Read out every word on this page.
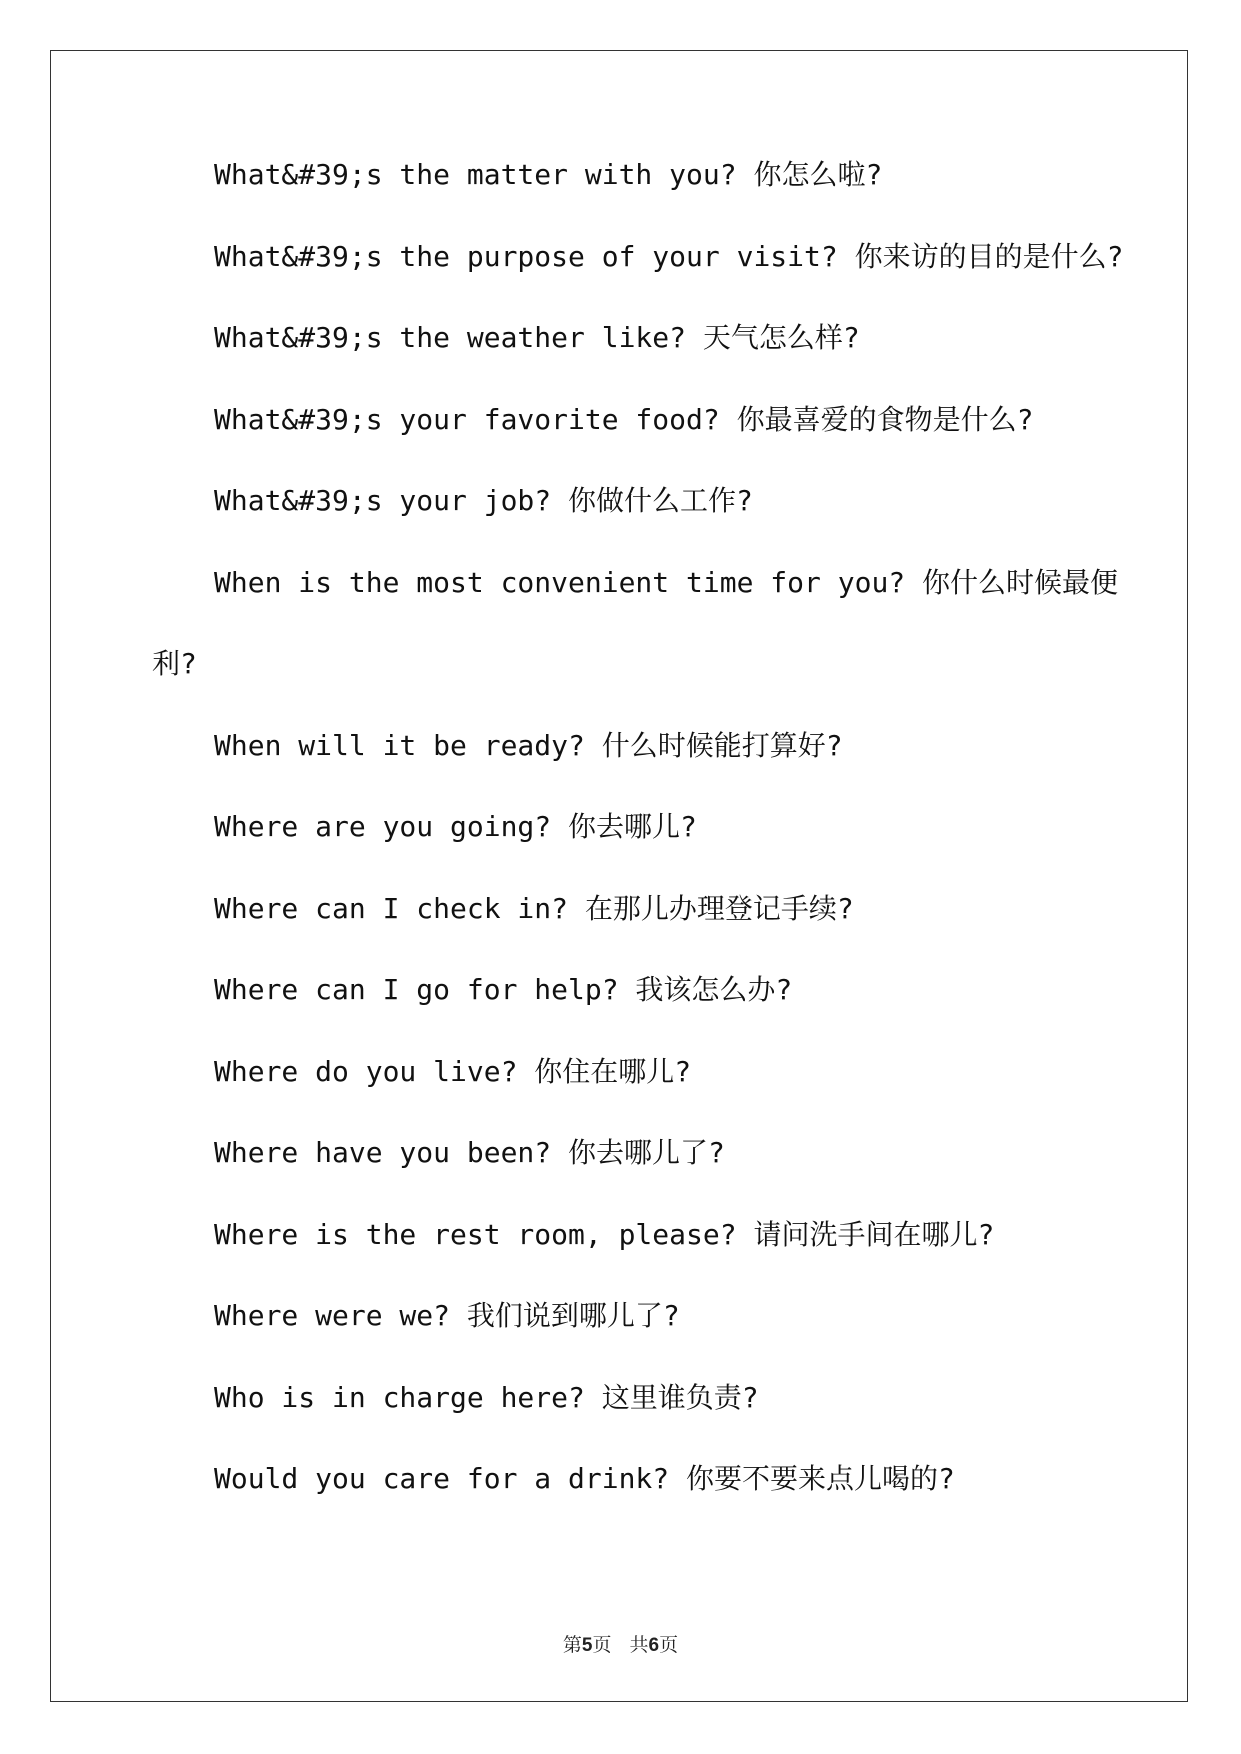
What&#39;s the matter with you? 你怎么啦?
What&#39;s the purpose of your visit? 你来访的目的是什么?
What&#39;s the weather like? 天气怎么样?
What&#39;s your favorite food? 你最喜爱的食物是什么?
What&#39;s your job? 你做什么工作?
When is the most convenient time for you? 你什么时候最便
利?
When will it be ready? 什么时候能打算好?
Where are you going? 你去哪儿?
Where can I check in? 在那儿办理登记手续?
Where can I go for help? 我该怎么办?
Where do you live? 你住在哪儿?
Where have you been? 你去哪儿了?
Where is the rest room, please? 请问洗手间在哪儿?
Where were we? 我们说到哪儿了?
Who is in charge here? 这里谁负责?
Would you care for a drink? 你要不要来点儿喝的?
第5页 共6页
